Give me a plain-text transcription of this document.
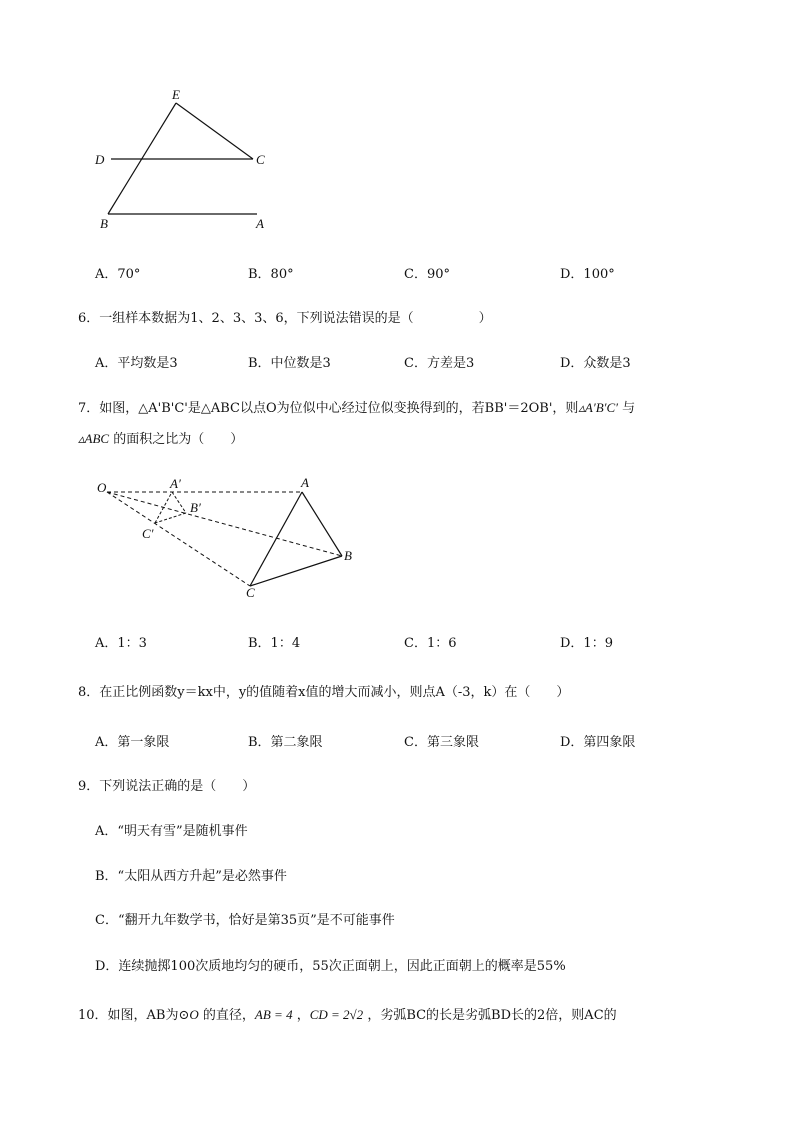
E
D	C
B	A
A．70°	B．80°	C．90°	D．100°
6．一组样本数据为1、2、3、3、6，下列说法错误的是（　　　　　）
A．平均数是3	B．中位数是3	C．方差是3	D．众数是3
7．如图，△A'B'C'是△ABC以点O为位似中心经过位似变换得到的，若BB'＝2OB'，则▵A′B′C′ 与
▵ABC 的面积之比为（　　）
O	A′
B′
C′
A
B
C
A．1：3	B．1：4	C．1：6	D．1：9
8．在正比例函数y＝kx中，y的值随着x值的增大而减小，则点A（-3，k）在（　　）
A．第一象限	B．第二象限	C．第三象限	D．第四象限
9．下列说法正确的是（　　）
A．“明天有雪”是随机事件
B．“太阳从西方升起”是必然事件
C．“翻开九年数学书，恰好是第35页”是不可能事件
D．连续抛掷100次质地均匀的硬币，55次正面朝上，因此正面朝上的概率是55%
10．如图，AB为⊙O 的直径，AB = 4 ，CD = 2√2 ，劣弧BC的长是劣弧BD长的2倍，则AC的
